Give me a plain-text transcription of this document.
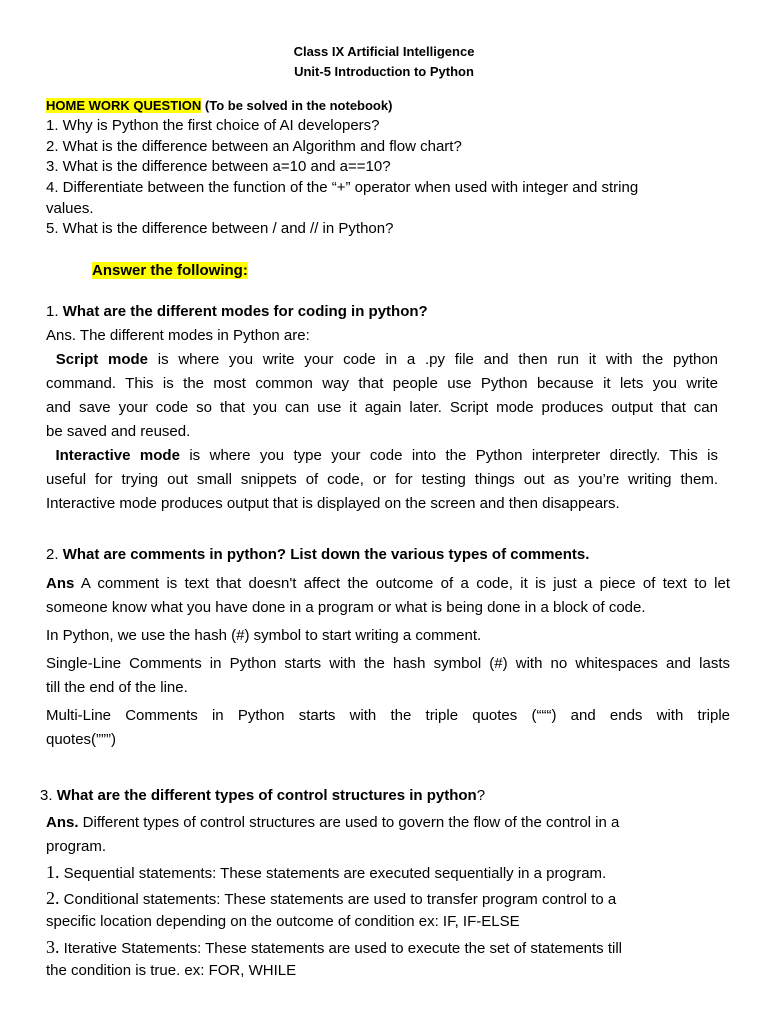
Class IX Artificial Intelligence
Unit-5 Introduction to Python
HOME WORK QUESTION (To be solved in the notebook)
1. Why is Python the first choice of AI developers?
2. What is the difference between an Algorithm and flow chart?
3. What is the difference between a=10 and a==10?
4. Differentiate between the function of the “+” operator when used with integer and string
values.
5. What is the difference between / and // in Python?
Answer the following:
1. What are the different modes for coding in python?
Ans. The different modes in Python are:
Script mode is where you write your code in a .py file and then run it with the python
command. This is the most common way that people use Python because it lets you write
and save your code so that you can use it again later. Script mode produces output that can
be saved and reused.
Interactive mode is where you type your code into the Python interpreter directly. This is
useful for trying out small snippets of code, or for testing things out as you’re writing them.
Interactive mode produces output that is displayed on the screen and then disappears.
2. What are comments in python? List down the various types of comments.
Ans A comment is text that doesn't affect the outcome of a code, it is just a piece of text to let
someone know what you have done in a program or what is being done in a block of code.
In Python, we use the hash (#) symbol to start writing a comment.
Single-Line Comments in Python starts with the hash symbol (#) with no whitespaces and lasts
till the end of the line.
Multi-Line Comments in Python starts with the triple quotes (“““) and ends with triple
quotes(”””)
3. What are the different types of control structures in python?
Ans. Different types of control structures are used to govern the flow of the control in a
program.
1. Sequential statements: These statements are executed sequentially in a program.
2. Conditional statements: These statements are used to transfer program control to a
specific location depending on the outcome of condition ex: IF, IF-ELSE
3. Iterative Statements: These statements are used to execute the set of statements till
the condition is true. ex: FOR, WHILE
